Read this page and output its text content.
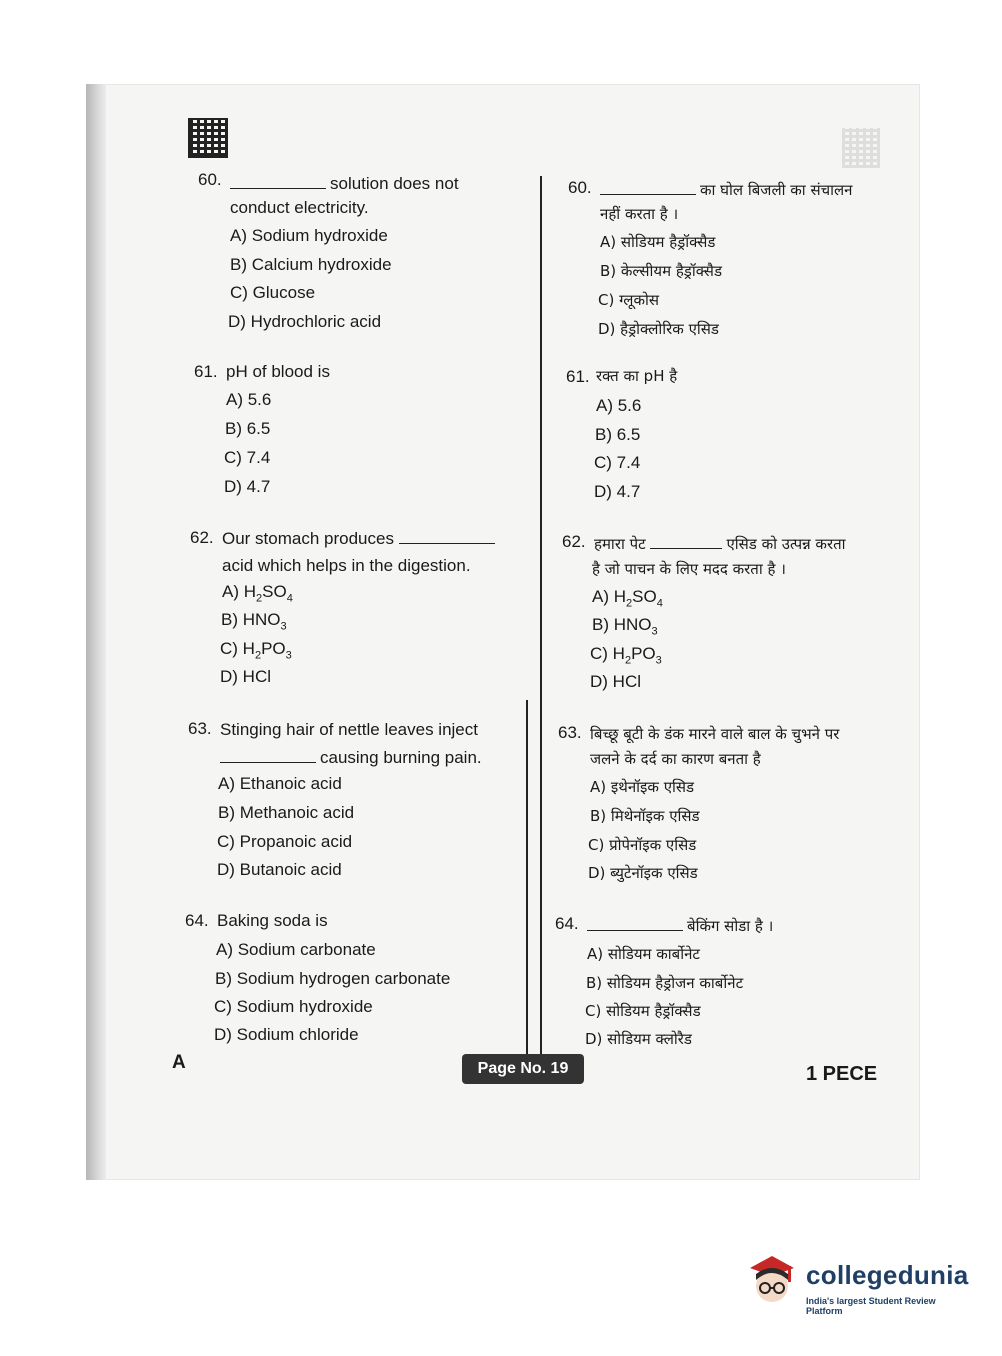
60.	solution does not
conduct electricity.
A) Sodium hydroxide
B) Calcium hydroxide
C) Glucose
D) Hydrochloric acid
61. pH of blood is
A) 5.6
B) 6.5
C) 7.4
D) 4.7
62. Our stomach produces
acid which helps in the digestion.
A) $H_2SO_4$
B) $HNO_3$
C) $H_2PO_3$
D) HCl
63. Stinging hair of nettle leaves inject
causing burning pain.
A) Ethanoic acid
B) Methanoic acid
C) Propanoic acid
D) Butanoic acid
64. Baking soda is
A) Sodium carbonate
B) Sodium hydrogen carbonate
C) Sodium hydroxide
D) Sodium chloride
60.	का घोल बिजली का संचालन
नहीं करता है ।
A) सोडियम हैड्रॉक्सैड
B) केल्सीयम हैड्रॉक्सैड
C) ग्लूकोस
D) हैड्रोक्लोरिक एसिड
61. रक्त का pH है
A) 5.6
B) 6.5
C) 7.4
D) 4.7
62. हमारा पेट	एसिड को उत्पन्न करता
है जो पाचन के लिए मदद करता है ।
A) $H_2SO_4$
B) $HNO_3$
C) $H_2PO_3$
D) HCl
63. बिच्छू बूटी के डंक मारने वाले बाल के चुभने पर
जलने के दर्द का कारण बनता है
A) इथेनॉइक एसिड
B) मिथेनॉइक एसिड
C) प्रोपेनॉइक एसिड
D) ब्युटेनॉइक एसिड
64.	बेकिंग सोडा है ।
A) सोडियम कार्बोनेट
B) सोडियम हैड्रोजन कार्बोनेट
C) सोडियम हैड्रॉक्सैड
D) सोडियम क्लोरैड
A	Page No. 19	1 PECE
collegedunia
India's largest Student Review Platform
